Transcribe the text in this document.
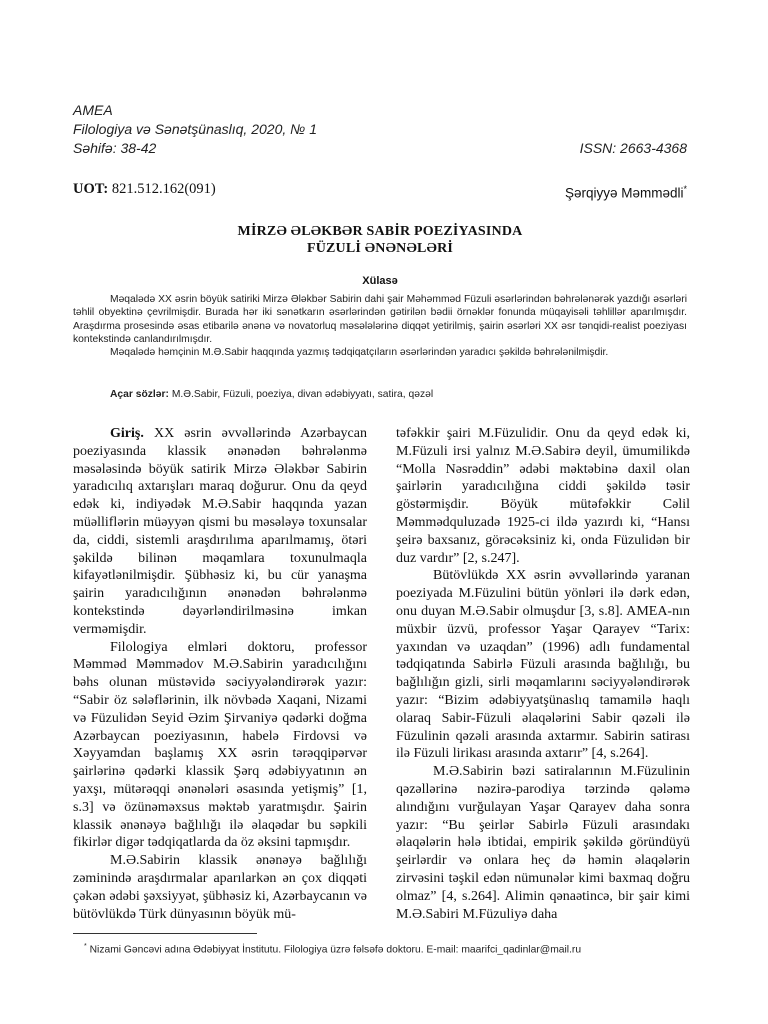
AMEA
Filologiya və Sənətşünaslıq, 2020, № 1
Səhifə: 38-42	ISSN: 2663-4368
UOT: 821.512.162(091)	Şərqiyyə Məmmədli*
MİRZƏ ƏLƏKBƏR SABİR POEZİYASINDA
FÜZULİ ƏNƏNƏLƏRİ
Xülasə

Məqalədə XX əsrin böyük satiriki Mirzə Ələkbər Sabirin dahi şair Məhəmməd Füzuli əsərlərindən bəhrələnərək yazdığı əsərləri təhlil obyektinə çevrilmişdir. Burada hər iki sənətkarın əsərlərindən gətirilən bədii örnəklər fonunda müqayisəli təhlillər aparılmışdır. Araşdırma prosesində əsas etibarilə ənənə və novatorluq məsələlərinə diqqət yetirilmiş, şairin əsərləri XX əsr tənqidi-realist poeziyası kontekstində canlandırılmışdır.

Məqalədə həmçinin M.Ə.Sabir haqqında yazmış tədqiqatçıların əsərlərindən yaradıcı şəkildə bəhrələnilmişdir.

Açar sözlər: M.Ə.Sabir, Füzuli, poeziya, divan ədəbiyyatı, satira, qəzəl

Giriş. XX əsrin əvvəllərində Azərbaycan poeziyasında klassik ənənədən bəhrələnmə məsələsində böyük satirik Mirzə Ələkbər Sabirin yaradıcılıq axtarışları maraq doğurur. Onu da qeyd edək ki, indiyədək M.Ə.Sabir haqqında yazan müəlliflərin müəyyən qismi bu məsələyə toxunsalar da, ciddi, sistemli araşdırılıma aparılmamış, ötəri şəkildə bilinən məqamlara toxunulmaqla kifayətlənilmişdir. Şübhəsiz ki, bu cür yanaşma şairin yaradıcılığının ənənədən bəhrələnmə kontekstində dəyərləndirilməsinə imkan verməmişdir.

Filologiya elmləri doktoru, professor Məmməd Məmmədov M.Ə.Sabirin yaradıcılığını bəhs olunan müstəvidə səciyyələndirərək yazır: “Sabir öz sələflərinin, ilk növbədə Xaqani, Nizami və Füzulidən Seyid Əzim Şirvaniyə qədərki doğma Azərbaycan poeziyasının, habelə Firdovsi və Xəyyamdan başlamış XX əsrin tərəqqipərvər şairlərinə qədərki klassik Şərq ədəbiyyatının ən yaxşı, mütərəqqi ənənələri əsasında yetişmiş” [1, s.3] və özünəməxsus məktəb yaratmışdır. Şairin klassik ənənəyə bağlılığı ilə əlaqədar bu səpkili fikirlər digər tədqiqatlarda da öz əksini tapmışdır.

M.Ə.Sabirin klassik ənənəyə bağlılığı zəminində araşdırmalar aparılarkən ən çox diqqəti çəkən ədəbi şəxsiyyət, şübhəsiz ki, Azərbaycanın və bütövlükdə Türk dünyasının böyük mü-

təfəkkir şairi M.Füzulidir. Onu da qeyd edək ki, M.Füzuli irsi yalnız M.Ə.Sabirə deyil, ümumilikdə “Molla Nəsrəddin” ədəbi məktəbinə daxil olan şairlərin yaradıcılığına ciddi şəkildə təsir göstərmişdir. Böyük mütəfəkkir Cəlil Məmmədquluzadə 1925-ci ildə yazırdı ki, “Hansı şeirə baxsanız, görəcəksiniz ki, onda Füzulidən bir duz vardır” [2, s.247].

Bütövlükdə XX əsrin əvvəllərində yaranan poeziyada M.Füzulini bütün yönləri ilə dərk edən, onu duyan M.Ə.Sabir olmuşdur [3, s.8]. AMEA-nın müxbir üzvü, professor Yaşar Qarayev “Tarix: yaxından və uzaqdan” (1996) adlı fundamental tədqiqatında Sabirlə Füzuli arasında bağlılığı, bu bağlılığın gizli, sirli məqamlarını səciyyələndirərək yazır: “Bizim ədəbiyyatşünaslıq tamamilə haqlı olaraq Sabir-Füzuli əlaqələrini Sabir qəzəli ilə Füzulinin qəzəli arasında axtarmır. Sabirin satirası ilə Füzuli lirikası arasında axtarır” [4, s.264].

M.Ə.Sabirin bəzi satiralarının M.Füzulinin qəzəllərinə nəzirə-parodiya tərzində qələmə alındığını vurğulayan Yaşar Qarayev daha sonra yazır: “Bu şeirlər Sabirlə Füzuli arasındakı əlaqələrin hələ ibtidai, empirik şəkildə göründüyü şeirlərdir və onlara heç də həmin əlaqələrin zirvəsini təşkil edən nümunələr kimi baxmaq doğru olmaz” [4, s.264]. Alimin qənaətincə, bir şair kimi M.Ə.Sabiri M.Füzuliyə daha

* Nizami Gəncəvi adına Ədəbiyyat İnstitutu. Filologiya üzrə fəlsəfə doktoru. E-mail: maarifci_qadinlar@mail.ru
